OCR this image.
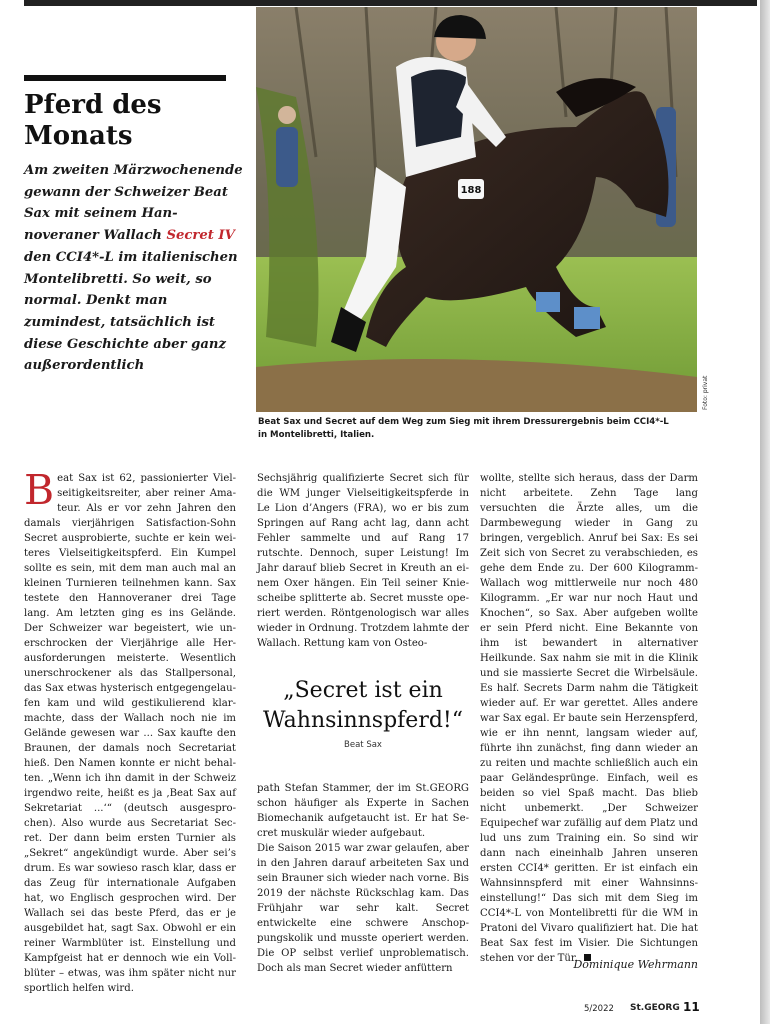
Pferd des Monats

Am zweiten Märzwochenende gewann der Schweizer Beat Sax mit seinem Hannoveraner Wallach Secret IV den CCI4*-L im italienischen Montelibretti. So weit, so normal. Denkt man zumindest, tatsächlich ist diese Geschichte aber ganz außerordentlich

188
Foto: privat

Beat Sax und Secret auf dem Weg zum Sieg mit ihrem Dressurergebnis beim CCI4*-L in Montelibretti, Italien.

Beat Sax ist 62, passionierter Vielseitigkeitsreiter, aber reiner Amateur. Als er vor zehn Jahren den damals vierjährigen Satisfaction-Sohn Secret ausprobierte, suchte er kein weiteres Vielseitigkeitspferd. Ein Kumpel sollte es sein, mit dem man auch mal an kleinen Turnieren teilnehmen kann. Sax testete den Hannoveraner drei Tage lang. Am letzten ging es ins Gelände. Der Schweizer war begeistert, wie unerschrocken der Vierjährige alle Herausforderungen meisterte. Wesentlich unerschrockener als das Stallpersonal, das Sax etwas hysterisch entgegengelaufen kam und wild gestikulierend klarmachte, dass der Wallach noch nie im Gelände gewesen war ... Sax kaufte den Braunen, der damals noch Secretariat hieß. Den Namen konnte er nicht behalten. „Wenn ich ihn damit in der Schweiz irgendwo reite, heißt es ja ‚Beat Sax auf Sekretariat ...‘“ (deutsch ausgesprochen). Also wurde aus Secretariat Secret. Der dann beim ersten Turnier als „Sekret“ angekündigt wurde. Aber sei’s drum. Es war sowieso rasch klar, dass er das Zeug für internationale Aufgaben hat, wo Englisch gesprochen wird. Der Wallach sei das beste Pferd, das er je ausgebildet hat, sagt Sax. Obwohl er ein reiner Warmblüter ist. Einstellung und Kampfgeist hat er dennoch wie ein Vollblüter – etwas, was ihm später nicht nur sportlich helfen wird.

Sechsjährig qualifizierte Secret sich für die WM junger Vielseitigkeitspferde in Le Lion d’Angers (FRA), wo er bis zum Springen auf Rang acht lag, dann acht Fehler sammelte und auf Rang 17 rutschte. Dennoch, super Leistung! Im Jahr darauf blieb Secret in Kreuth an einem Oxer hängen. Ein Teil seiner Kniescheibe splitterte ab. Secret musste operiert werden. Röntgenologisch war alles wieder in Ordnung. Trotzdem lahmte der Wallach. Rettung kam von Osteo-

„Secret ist ein Wahnsinnspferd!“

Beat Sax

path Stefan Stammer, der im St.GEORG schon häufiger als Experte in Sachen Biomechanik aufgetaucht ist. Er hat Secret muskulär wieder aufgebaut.
Die Saison 2015 war zwar gelaufen, aber in den Jahren darauf arbeiteten Sax und sein Brauner sich wieder nach vorne. Bis 2019 der nächste Rückschlag kam. Das Frühjahr war sehr kalt. Secret entwickelte eine schwere Anschoppungskolik und musste operiert werden. Die OP selbst verlief unproblematisch. Doch als man Secret wieder anfüttern

wollte, stellte sich heraus, dass der Darm nicht arbeitete. Zehn Tage lang versuchten die Ärzte alles, um die Darmbewegung wieder in Gang zu bringen, vergeblich. Anruf bei Sax: Es sei Zeit sich von Secret zu verabschieden, es gehe dem Ende zu. Der 600 Kilogramm-Wallach wog mittlerweile nur noch 480 Kilogramm. „Er war nur noch Haut und Knochen“, so Sax. Aber aufgeben wollte er sein Pferd nicht. Eine Bekannte von ihm ist bewandert in alternativer Heilkunde. Sax nahm sie mit in die Klinik und sie massierte Secret die Wirbelsäule. Es half. Secrets Darm nahm die Tätigkeit wieder auf. Er war gerettet. Alles andere war Sax egal. Er baute sein Herzenspferd, wie er ihn nennt, langsam wieder auf, führte ihn zunächst, fing dann wieder an zu reiten und machte schließlich auch ein paar Geländesprünge. Einfach, weil es beiden so viel Spaß macht. Das blieb nicht unbemerkt. „Der Schweizer Equipechef war zufällig auf dem Platz und lud uns zum Training ein. So sind wir dann nach eineinhalb Jahren unseren ersten CCI4* geritten. Er ist einfach ein Wahnsinnspferd mit einer Wahnsinnseinstellung!“ Das sich mit dem Sieg im CCI4*-L von Montelibretti für die WM in Pratoni del Vivaro qualifiziert hat. Die hat Beat Sax fest im Visier. Die Sichtungen stehen vor der Tür.

Dominique Wehrmann

5/2022 St.GEORG 11
